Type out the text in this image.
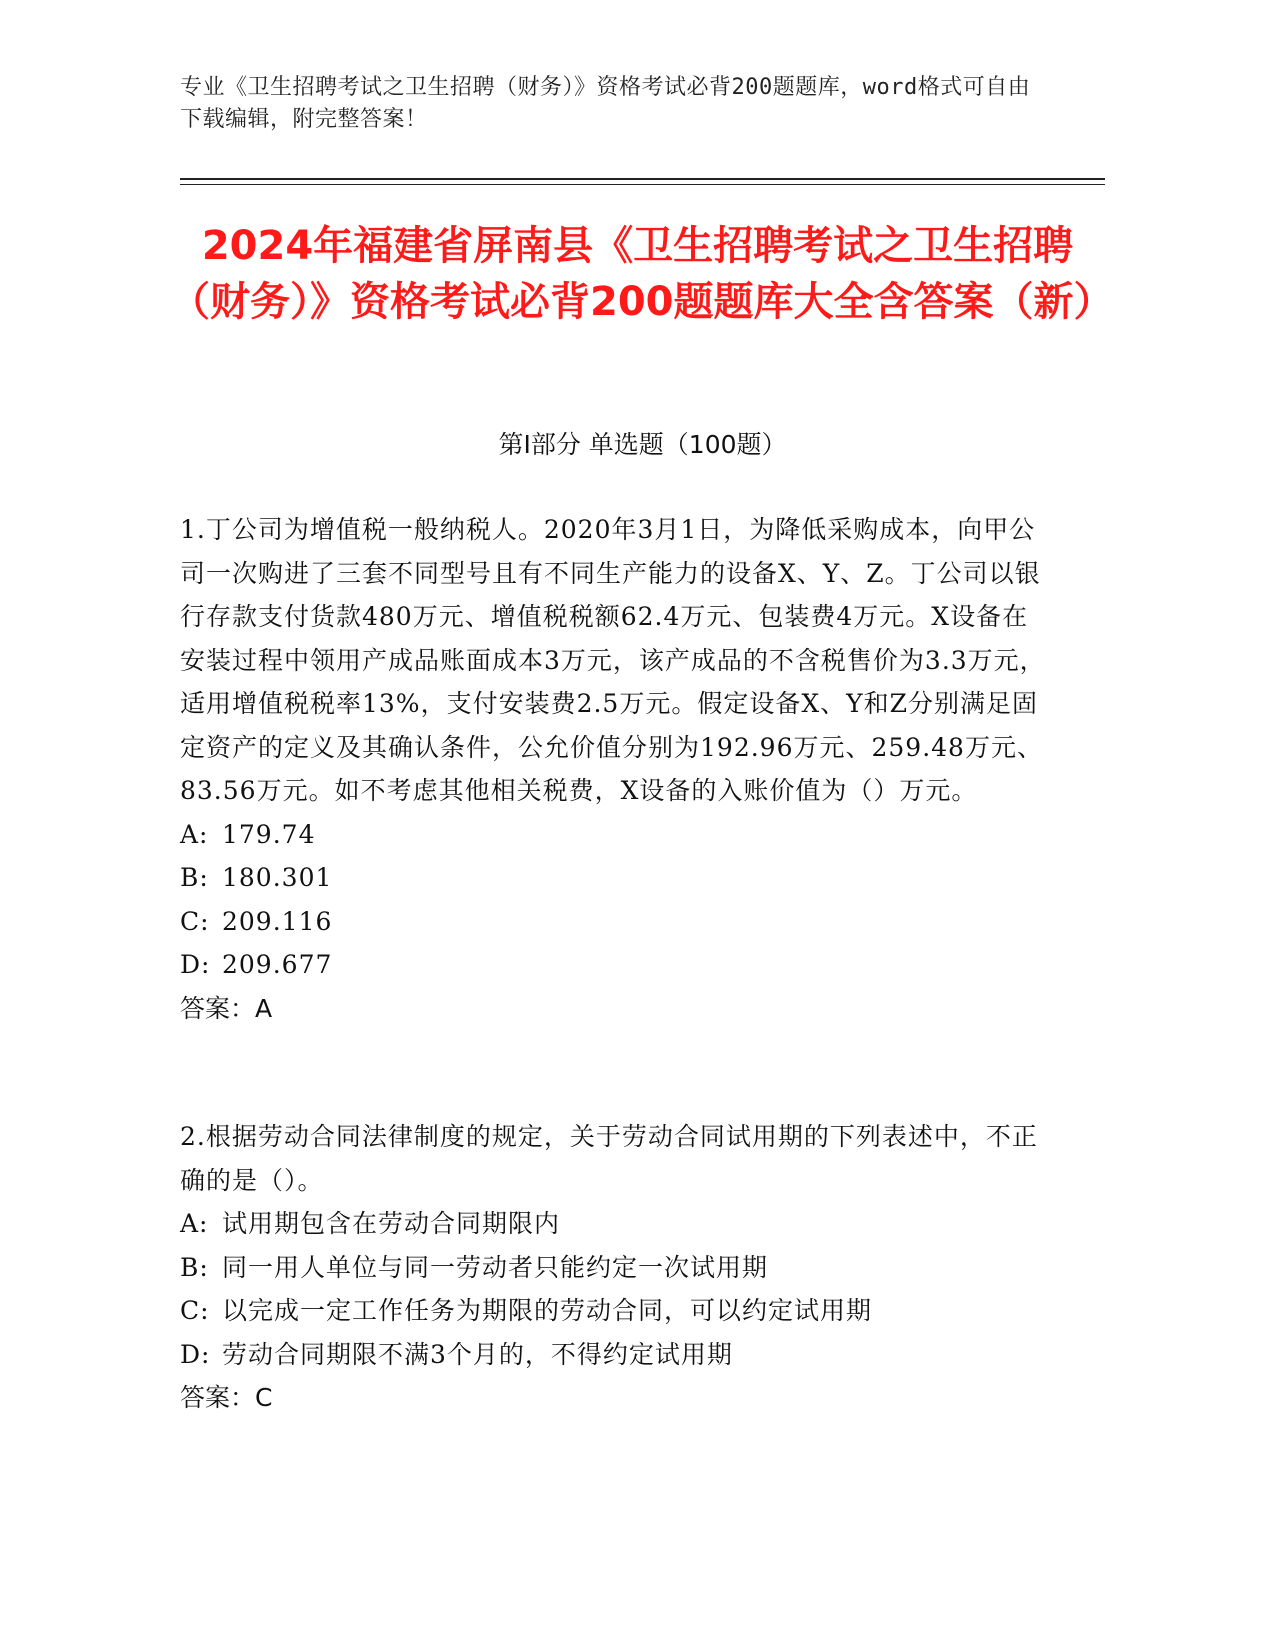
专业《卫生招聘考试之卫生招聘（财务）》资格考试必背200题题库，word格式可自由下载编辑，附完整答案！
2024年福建省屏南县《卫生招聘考试之卫生招聘（财务）》资格考试必背200题题库大全含答案（新）
第I部分 单选题（100题）

1.丁公司为增值税一般纳税人。2020年3月1日，为降低采购成本，向甲公司一次购进了三套不同型号且有不同生产能力的设备X、Y、Z。丁公司以银行存款支付货款480万元、增值税税额62.4万元、包装费4万元。X设备在安装过程中领用产成品账面成本3万元，该产成品的不含税售价为3.3万元，适用增值税税率13%，支付安装费2.5万元。假定设备X、Y和Z分别满足固定资产的定义及其确认条件，公允价值分别为192.96万元、259.48万元、83.56万元。如不考虑其他相关税费，X设备的入账价值为（）万元。

A: 179.74
B: 180.301
C: 209.116
D: 209.677
答案：A

2.根据劳动合同法律制度的规定，关于劳动合同试用期的下列表述中，不正确的是（）。

A: 试用期包含在劳动合同期限内
B: 同一用人单位与同一劳动者只能约定一次试用期
C: 以完成一定工作任务为期限的劳动合同，可以约定试用期
D: 劳动合同期限不满3个月的，不得约定试用期
答案：C
